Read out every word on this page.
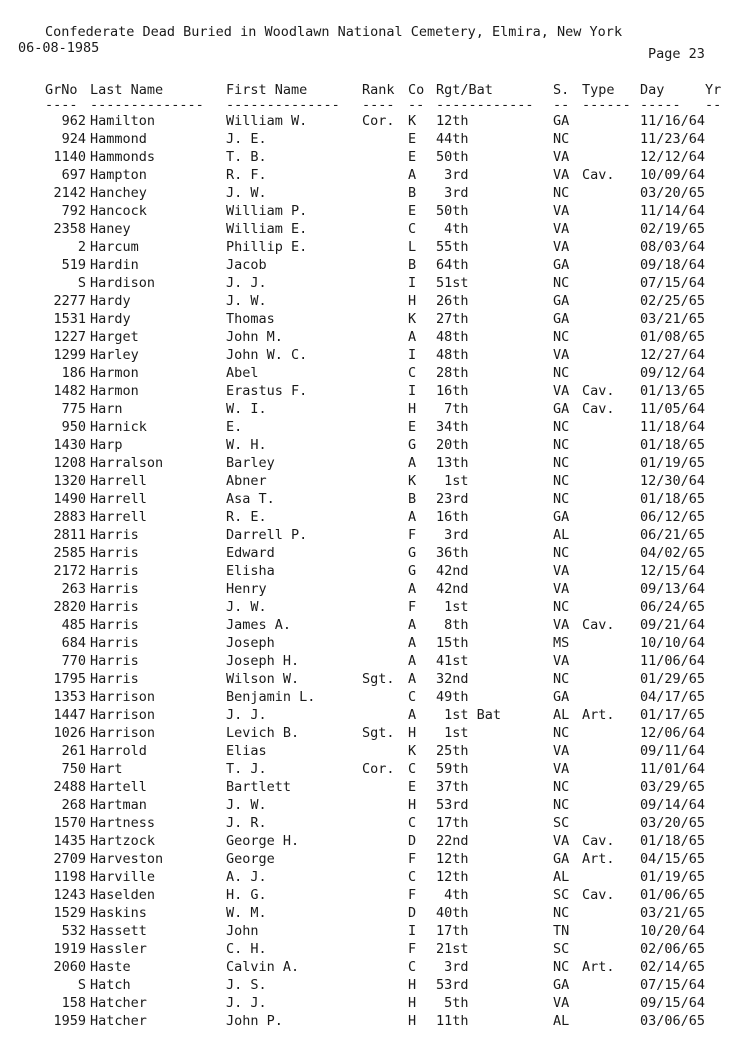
Confederate Dead Buried in Woodlawn National Cemetery, Elmira, New York
06-08-1985	Page 23
GrNo Last Name	First Name	Rank Co Rgt/Bat	S. Type Day	Yr
---- -------------- -------------- ---- -- ------------ -- ------ ----- --
962 Hamilton	William W.	Cor. K 12th	GA	11/16/64
924 Hammond	J. E.	E 44th	NC	11/23/64
1140 Hammonds	T. B.	E 50th	VA	12/12/64
697 Hampton	R. F.	A 3rd	VA Cav. 10/09/64
2142 Hanchey	J. W.	B 3rd	NC	03/20/65
792 Hancock	William P.	E 50th	VA	11/14/64
2358 Haney	William E.	C 4th	VA	02/19/65
2 Harcum	Phillip E.	L 55th	VA	08/03/64
519 Hardin	Jacob	B 64th	GA	09/18/64
S Hardison	J. J.	I 51st	NC	07/15/64
2277 Hardy	J. W.	H 26th	GA	02/25/65
1531 Hardy	Thomas	K 27th	GA	03/21/65
1227 Harget	John M.	A 48th	NC	01/08/65
1299 Harley	John W. C.	I 48th	VA	12/27/64
186 Harmon	Abel	C 28th	NC	09/12/64
1482 Harmon	Erastus F.	I 16th	VA Cav. 01/13/65
775 Harn	W. I.	H 7th	GA Cav. 11/05/64
950 Harnick	E.	E 34th	NC	11/18/64
1430 Harp	W. H.	G 20th	NC	01/18/65
1208 Harralson	Barley	A 13th	NC	01/19/65
1320 Harrell	Abner	K 1st	NC	12/30/64
1490 Harrell	Asa T.	B 23rd	NC	01/18/65
2883 Harrell	R. E.	A 16th	GA	06/12/65
2811 Harris	Darrell P.	F 3rd	AL	06/21/65
2585 Harris	Edward	G 36th	NC	04/02/65
2172 Harris	Elisha	G 42nd	VA	12/15/64
263 Harris	Henry	A 42nd	VA	09/13/64
2820 Harris	J. W.	F 1st	NC	06/24/65
485 Harris	James A.	A 8th	VA Cav. 09/21/64
684 Harris	Joseph	A 15th	MS	10/10/64
770 Harris	Joseph H.	A 41st	VA	11/06/64
1795 Harris	Wilson W.	Sgt. A 32nd	NC	01/29/65
1353 Harrison	Benjamin L.	C 49th	GA	04/17/65
1447 Harrison	J. J.	A 1st Bat	AL Art. 01/17/65
1026 Harrison	Levich B.	Sgt. H 1st	NC	12/06/64
261 Harrold	Elias	K 25th	VA	09/11/64
750 Hart	T. J.	Cor. C 59th	VA	11/01/64
2488 Hartell	Bartlett	E 37th	NC	03/29/65
268 Hartman	J. W.	H 53rd	NC	09/14/64
1570 Hartness	J. R.	C 17th	SC	03/20/65
1435 Hartzock	George H.	D 22nd	VA Cav. 01/18/65
2709 Harveston	George	F 12th	GA Art. 04/15/65
1198 Harville	A. J.	C 12th	AL	01/19/65
1243 Haselden	H. G.	F 4th	SC Cav. 01/06/65
1529 Haskins	W. M.	D 40th	NC	03/21/65
532 Hassett	John	I 17th	TN	10/20/64
1919 Hassler	C. H.	F 21st	SC	02/06/65
2060 Haste	Calvin A.	C 3rd	NC Art. 02/14/65
S Hatch	J. S.	H 53rd	GA	07/15/64
158 Hatcher	J. J.	H 5th	VA	09/15/64
1959 Hatcher	John P.	H 11th	AL	03/06/65
